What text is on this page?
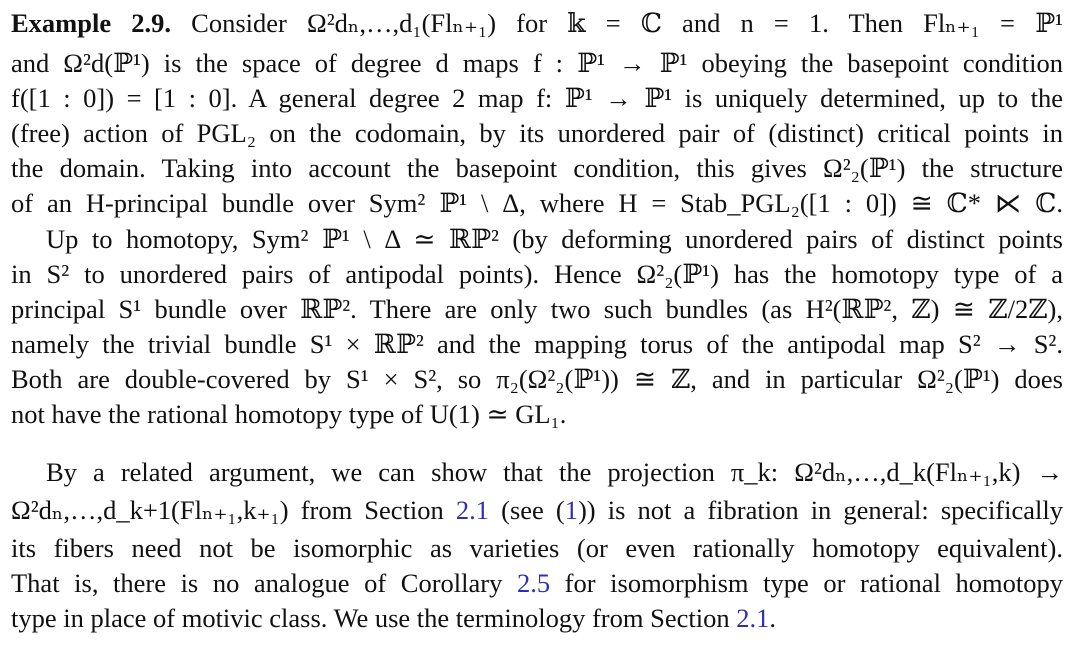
Example 2.9. Consider Ω²dₙ,…,d₁(Flₙ₊₁) for 𝕜 = ℂ and n = 1. Then Flₙ₊₁ = ℙ¹
and Ω²d(ℙ¹) is the space of degree d maps f : ℙ¹ → ℙ¹ obeying the basepoint condition
f([1 : 0]) = [1 : 0]. A general degree 2 map f: ℙ¹ → ℙ¹ is uniquely determined, up to the
(free) action of PGL₂ on the codomain, by its unordered pair of (distinct) critical points in
the domain. Taking into account the basepoint condition, this gives Ω²₂(ℙ¹) the structure
of an H-principal bundle over Sym² ℙ¹ \ Δ, where H = Stab_PGL₂([1 : 0]) ≅ ℂ* ⋉ ℂ.
Up to homotopy, Sym² ℙ¹ \ Δ ≃ ℝℙ² (by deforming unordered pairs of distinct points
in S² to unordered pairs of antipodal points). Hence Ω²₂(ℙ¹) has the homotopy type of a
principal S¹ bundle over ℝℙ². There are only two such bundles (as H²(ℝℙ², ℤ) ≅ ℤ/2ℤ),
namely the trivial bundle S¹ × ℝℙ² and the mapping torus of the antipodal map S² → S².
Both are double-covered by S¹ × S², so π₂(Ω²₂(ℙ¹)) ≅ ℤ, and in particular Ω²₂(ℙ¹) does
not have the rational homotopy type of U(1) ≃ GL₁.
By a related argument, we can show that the projection π_k: Ω²dₙ,…,d_k(Flₙ₊₁,k) →
Ω²dₙ,…,d_k+1(Flₙ₊₁,k₊₁) from Section 2.1 (see (1)) is not a fibration in general: specifically
its fibers need not be isomorphic as varieties (or even rationally homotopy equivalent).
That is, there is no analogue of Corollary 2.5 for isomorphism type or rational homotopy
type in place of motivic class. We use the terminology from Section 2.1.
